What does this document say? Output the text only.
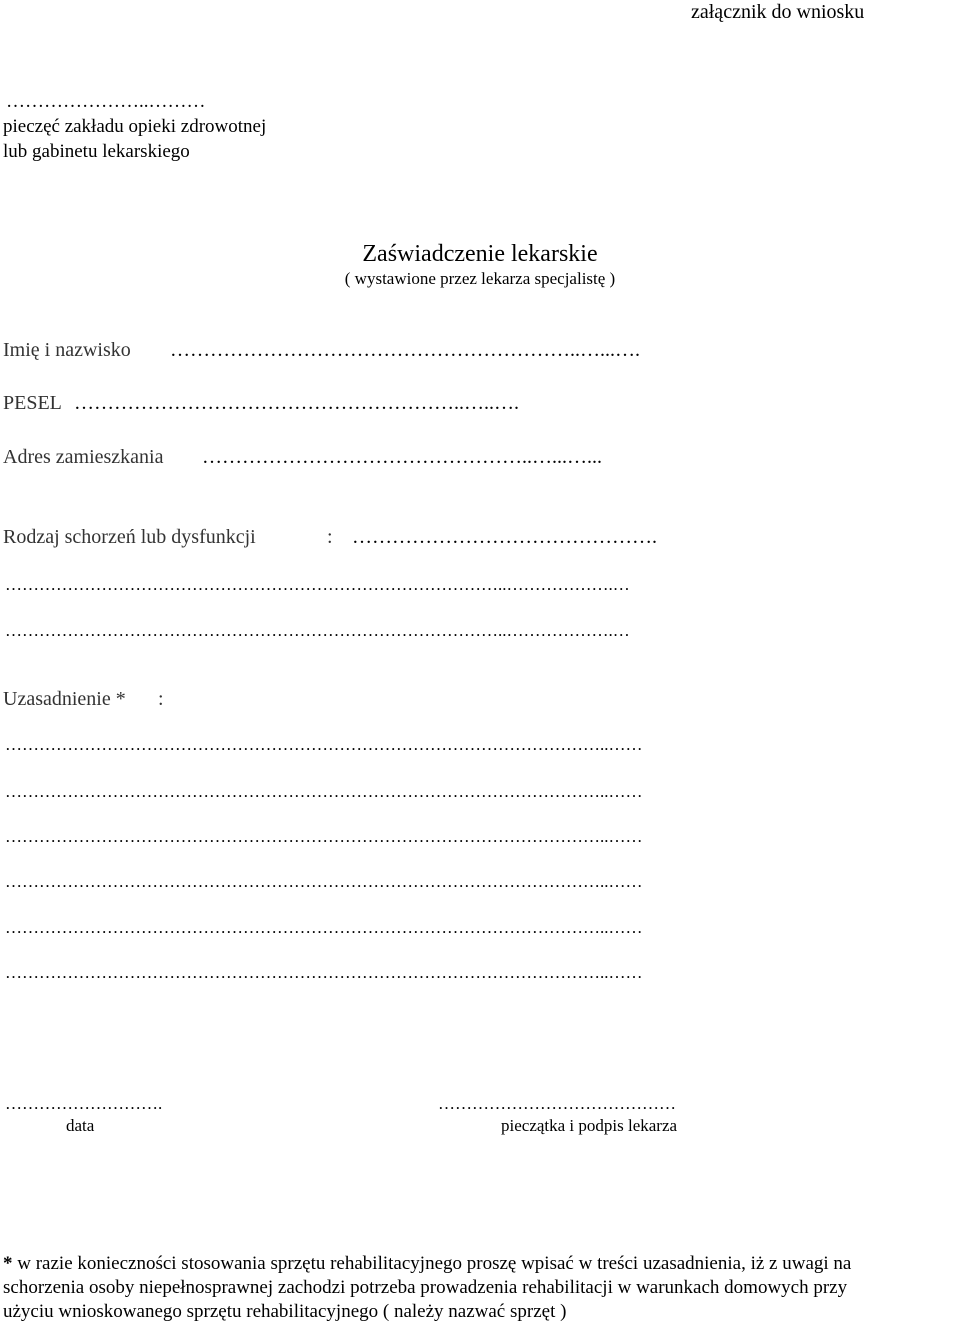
załącznik do wniosku
…………………..………
pieczęć zakładu opieki zdrowotnej
lub gabinetu lekarskiego
Zaświadczenie lekarskie
( wystawione przez lekarza specjalistę )
Imię i nazwisko ……………………………………………………..…...….
PESEL …………………………………………………..…..….
Adres zamieszkania …………………………………………..…...…...
Rodzaj schorzeń lub dysfunkcji	: ……………………………………….
……………………………………………………………………………..……………….…
……………………………………………………………………………..……………….…
Uzasadnienie * :
……………………………………………………………………………………………..……
……………………………………………………………………………………………..……
……………………………………………………………………………………………..……
……………………………………………………………………………………………..……
……………………………………………………………………………………………..……
……………………………………………………………………………………………..……
……………………….
data
……………………………………
pieczątka i podpis lekarza
* w razie konieczności stosowania sprzętu rehabilitacyjnego proszę wpisać w treści uzasadnienia, iż z uwagi na
schorzenia osoby niepełnosprawnej zachodzi potrzeba prowadzenia rehabilitacji w warunkach domowych przy
użyciu wnioskowanego sprzętu rehabilitacyjnego ( należy nazwać sprzęt )
